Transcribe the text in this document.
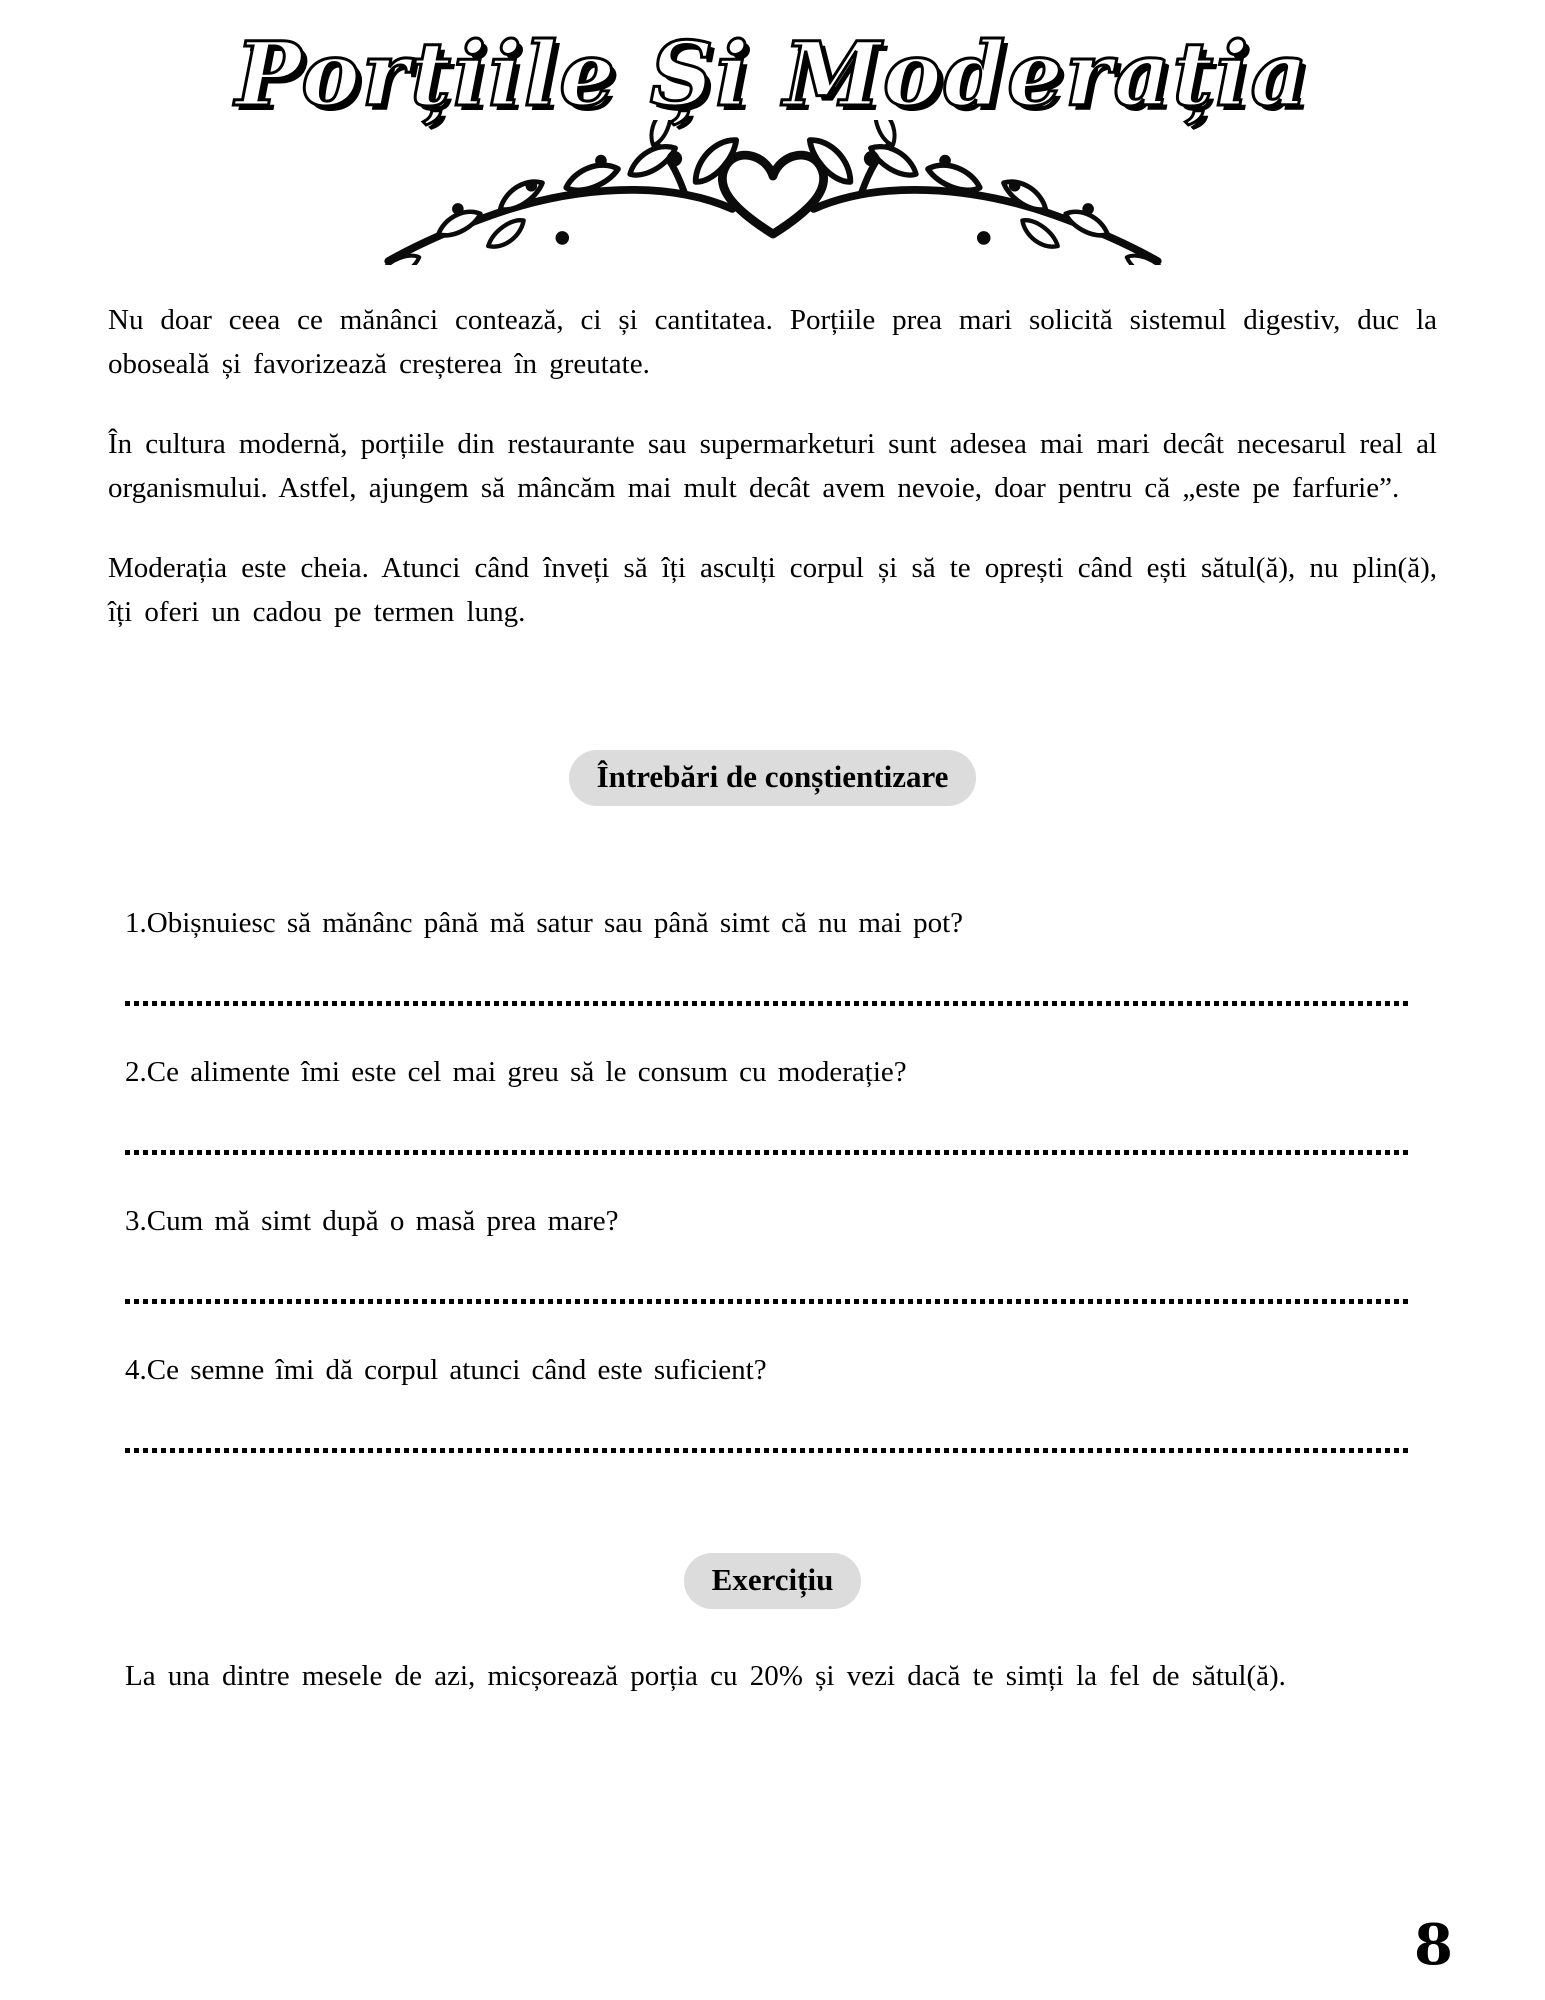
Porțiile Și Moderația

Nu doar ceea ce mănânci contează, ci și cantitatea. Porțiile prea mari solicită sistemul digestiv, duc la oboseală și favorizează creșterea în greutate.

În cultura modernă, porțiile din restaurante sau supermarketuri sunt adesea mai mari decât necesarul real al organismului. Astfel, ajungem să mâncăm mai mult decât avem nevoie, doar pentru că „este pe farfurie”.

Moderația este cheia. Atunci când înveți să îți asculți corpul și să te oprești când ești sătul(ă), nu plin(ă), îți oferi un cadou pe termen lung.

Întrebări de conștientizare

1.Obișnuiesc să mănânc până mă satur sau până simt că nu mai pot?

2.Ce alimente îmi este cel mai greu să le consum cu moderație?

3.Cum mă simt după o masă prea mare?

4.Ce semne îmi dă corpul atunci când este suficient?

Exercițiu

La una dintre mesele de azi, micșorează porția cu 20% și vezi dacă te simți la fel de sătul(ă).

8
